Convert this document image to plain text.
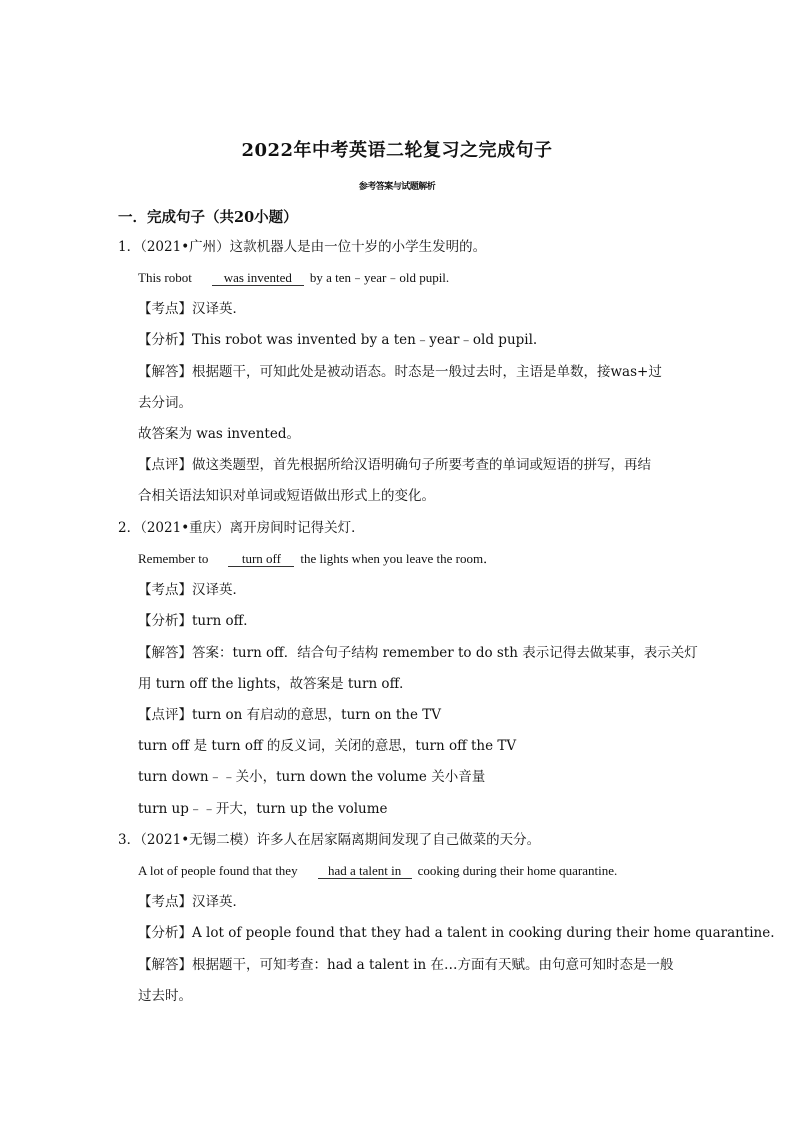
2022年中考英语二轮复习之完成句子
参考答案与试题解析
一．完成句子（共20小题）
1．（2021•广州）这款机器人是由一位十岁的小学生发明的。
This robot was invented by a ten﹣year﹣old pupil.
【考点】汉译英．
【分析】This robot was invented by a ten﹣year﹣old pupil.
【解答】根据题干，可知此处是被动语态。时态是一般过去时，主语是单数，接was+过
去分词。
故答案为 was invented。
【点评】做这类题型，首先根据所给汉语明确句子所要考查的单词或短语的拼写，再结
合相关语法知识对单词或短语做出形式上的变化。
2．（2021•重庆）离开房间时记得关灯．
Remember to	turn off the lights when you leave the room．
【考点】汉译英．
【分析】turn off．
【解答】答案：turn off．结合句子结构 remember to do sth 表示记得去做某事，表示关灯
用 turn off the lights，故答案是 turn off．
【点评】turn on 有启动的意思，turn on the TV
turn off 是 turn off 的反义词，关闭的意思，turn off the TV
turn down﹣﹣关小，turn down the volume 关小音量
turn up﹣﹣开大，turn up the volume
3．（2021•无锡二模）许多人在居家隔离期间发现了自己做菜的天分。
A lot of people found that they had a talent in cooking during their home quarantine.
【考点】汉译英．
【分析】A lot of people found that they had a talent in cooking during their home quarantine.
【解答】根据题干，可知考查：had a talent in 在…方面有天赋。由句意可知时态是一般
过去时。
